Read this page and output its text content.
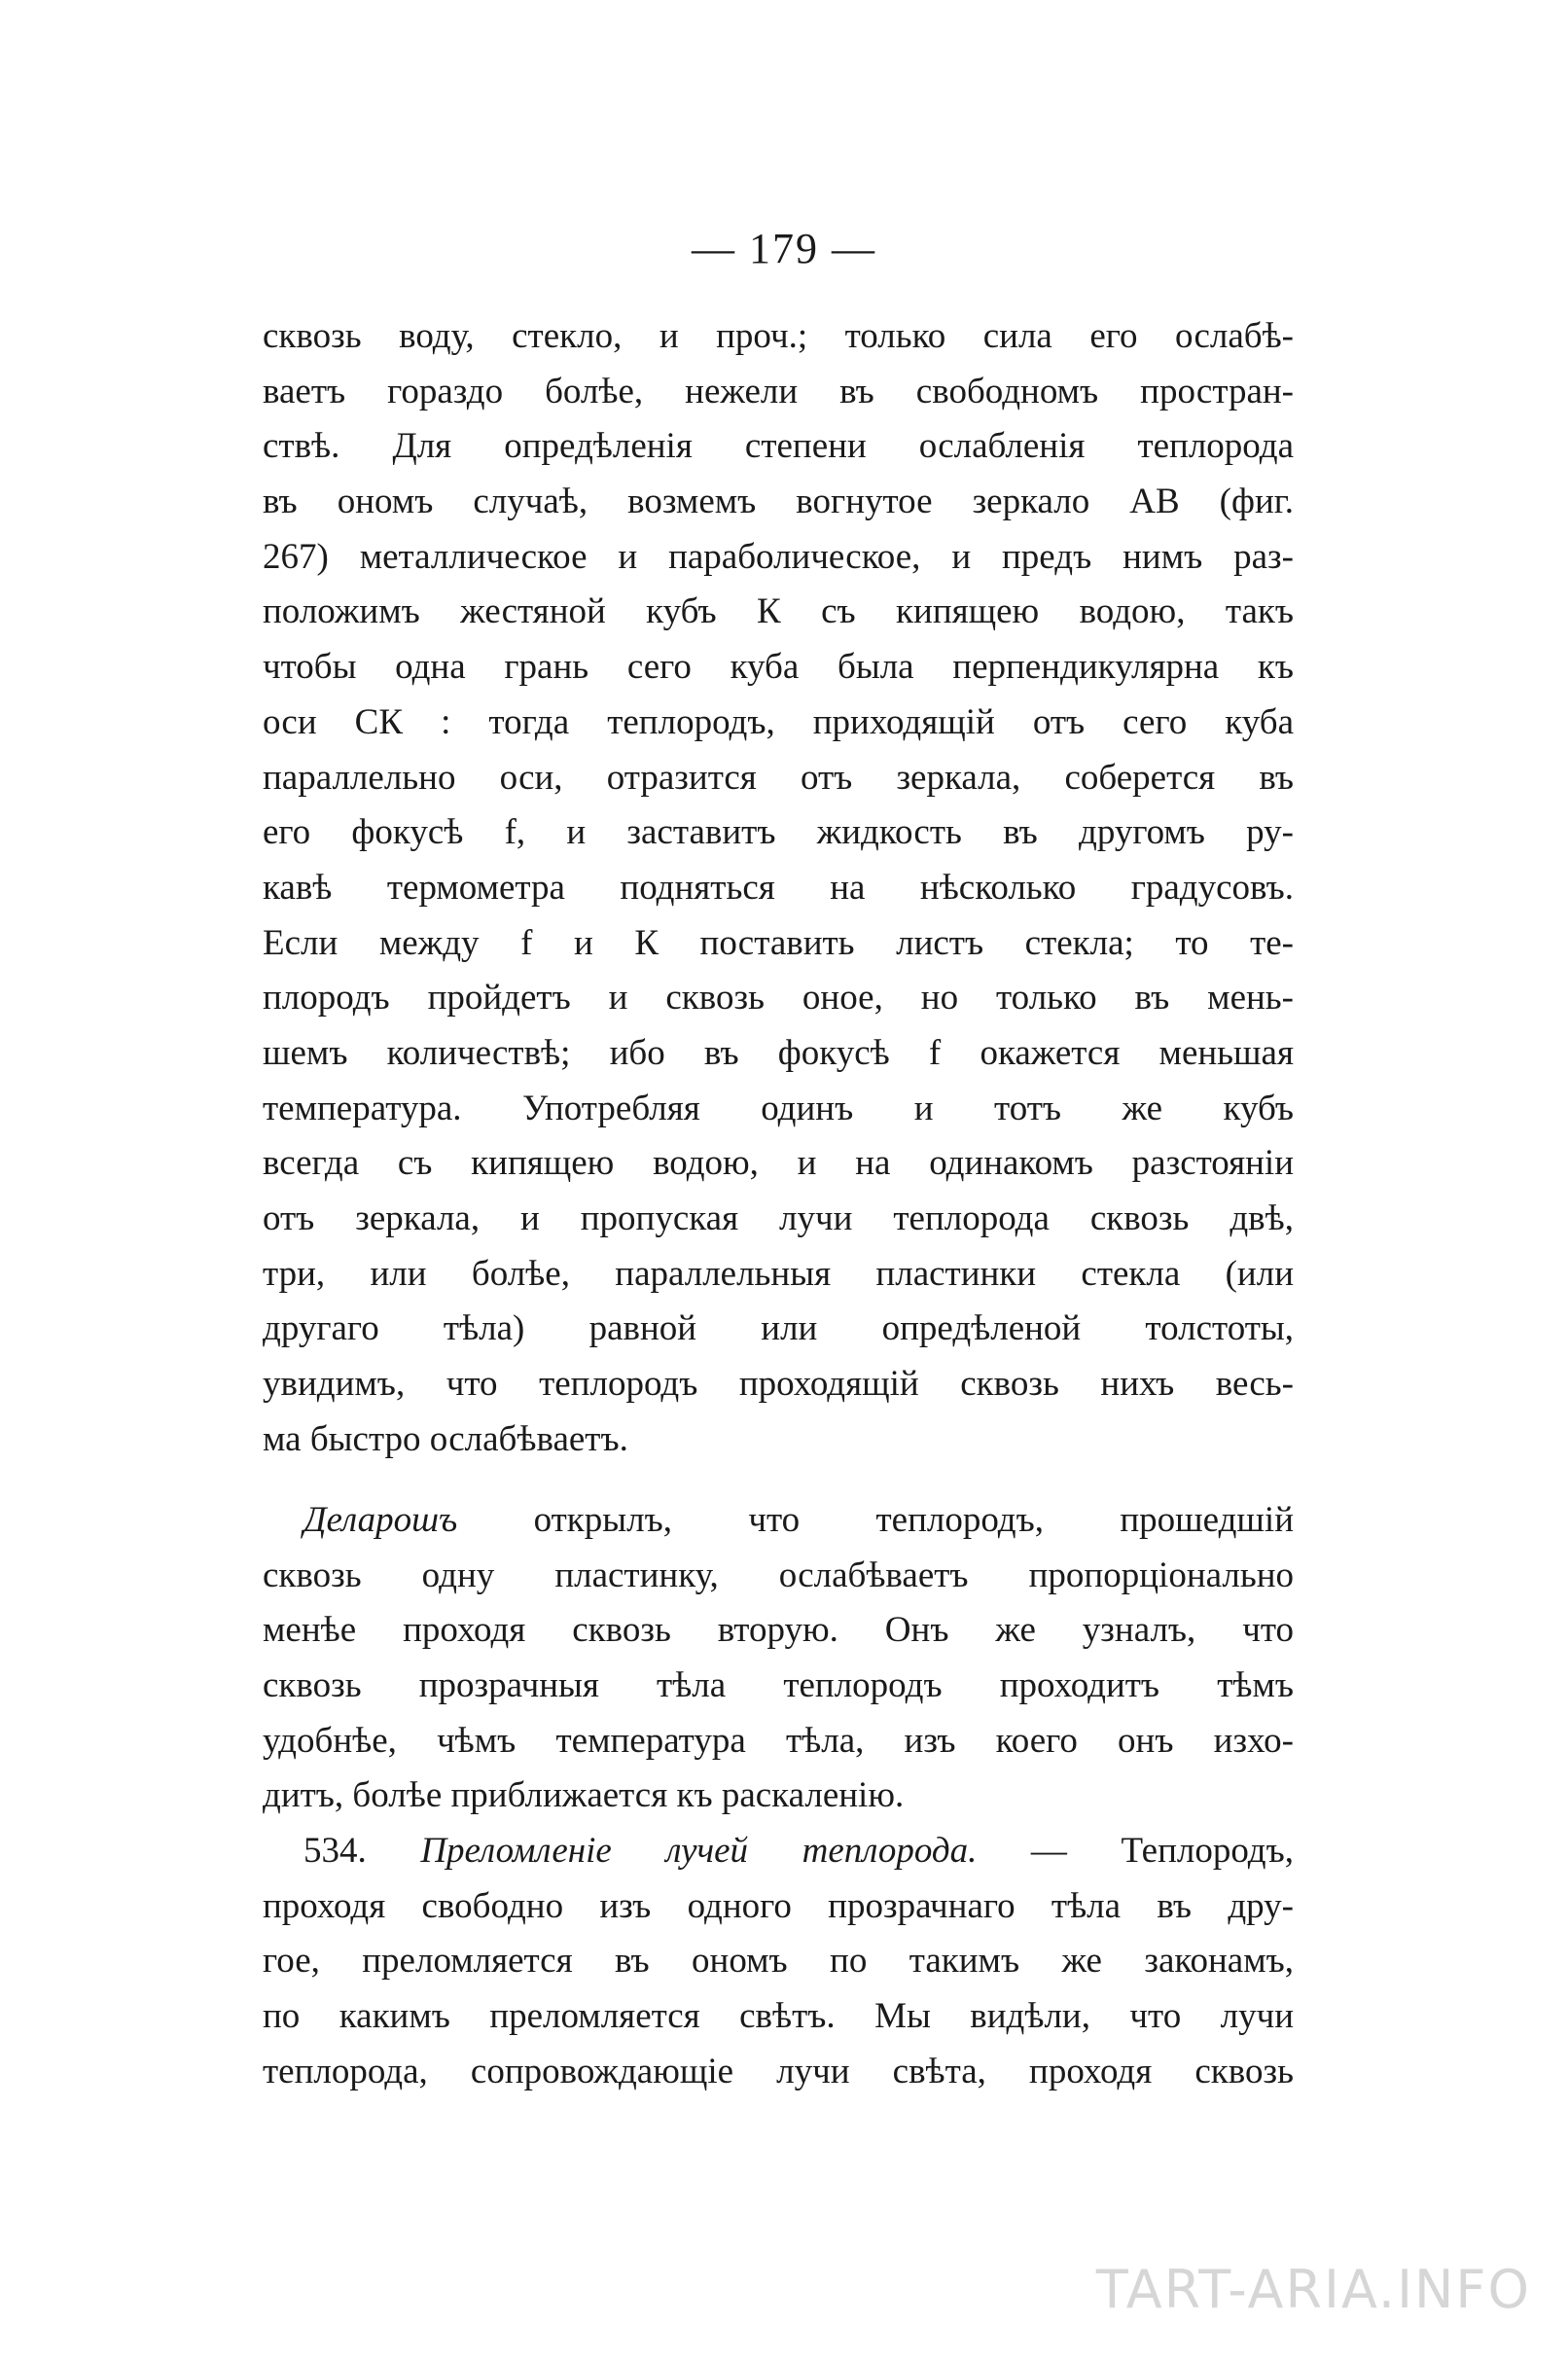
— 179 —
сквозь воду, стекло, и проч.; только сила его ослабѣ-
ваетъ гораздо болѣе, нежели въ свободномъ простран-
ствѣ. Для опредѣленія степени ослабленія теплорода
въ ономъ случаѣ, возмемъ вогнутое зеркало АВ (фиг.
267) металлическое и параболическое, и предъ нимъ раз-
положимъ жестяной кубъ К съ кипящею водою, такъ
чтобы одна грань сего куба была перпендикулярна къ
оси СК : тогда теплородъ, приходящій отъ сего куба
параллельно оси, отразится отъ зеркала, соберется въ
его фокусѣ f, и заставитъ жидкость въ другомъ ру-
кавѣ термометра подняться на нѣсколько градусовъ.
Если между f и К поставить листъ стекла; то те-
плородъ пройдетъ и сквозь оное, но только въ мень-
шемъ количествѣ; ибо въ фокусѣ f окажется меньшая
температура. Употребляя одинъ и тотъ же кубъ
всегда съ кипящею водою, и на одинакомъ разстояніи
отъ зеркала, и пропуская лучи теплорода сквозь двѣ,
три, или болѣе, параллельныя пластинки стекла (или
другаго тѣла) равной или опредѣленой толстоты,
увидимъ, что теплородъ проходящій сквозь нихъ весь-
ма быстро ослабѣваетъ.
Деларошъ открылъ, что теплородъ, прошедшій
сквозь одну пластинку, ослабѣваетъ пропорціонально
менѣе проходя сквозь вторую. Онъ же узналъ, что
сквозь прозрачныя тѣла теплородъ проходитъ тѣмъ
удобнѣе, чѣмъ температура тѣла, изъ коего онъ изхо-
дитъ, болѣе приближается къ раскаленію.
534. Преломленіе лучей теплорода. — Теплородъ,
проходя свободно изъ одного прозрачнаго тѣла въ дру-
гое, преломляется въ ономъ по такимъ же законамъ,
по какимъ преломляется свѣтъ. Мы видѣли, что лучи
теплорода, сопровождающіе лучи свѣта, проходя сквозь
TART-ARIA.INFO
